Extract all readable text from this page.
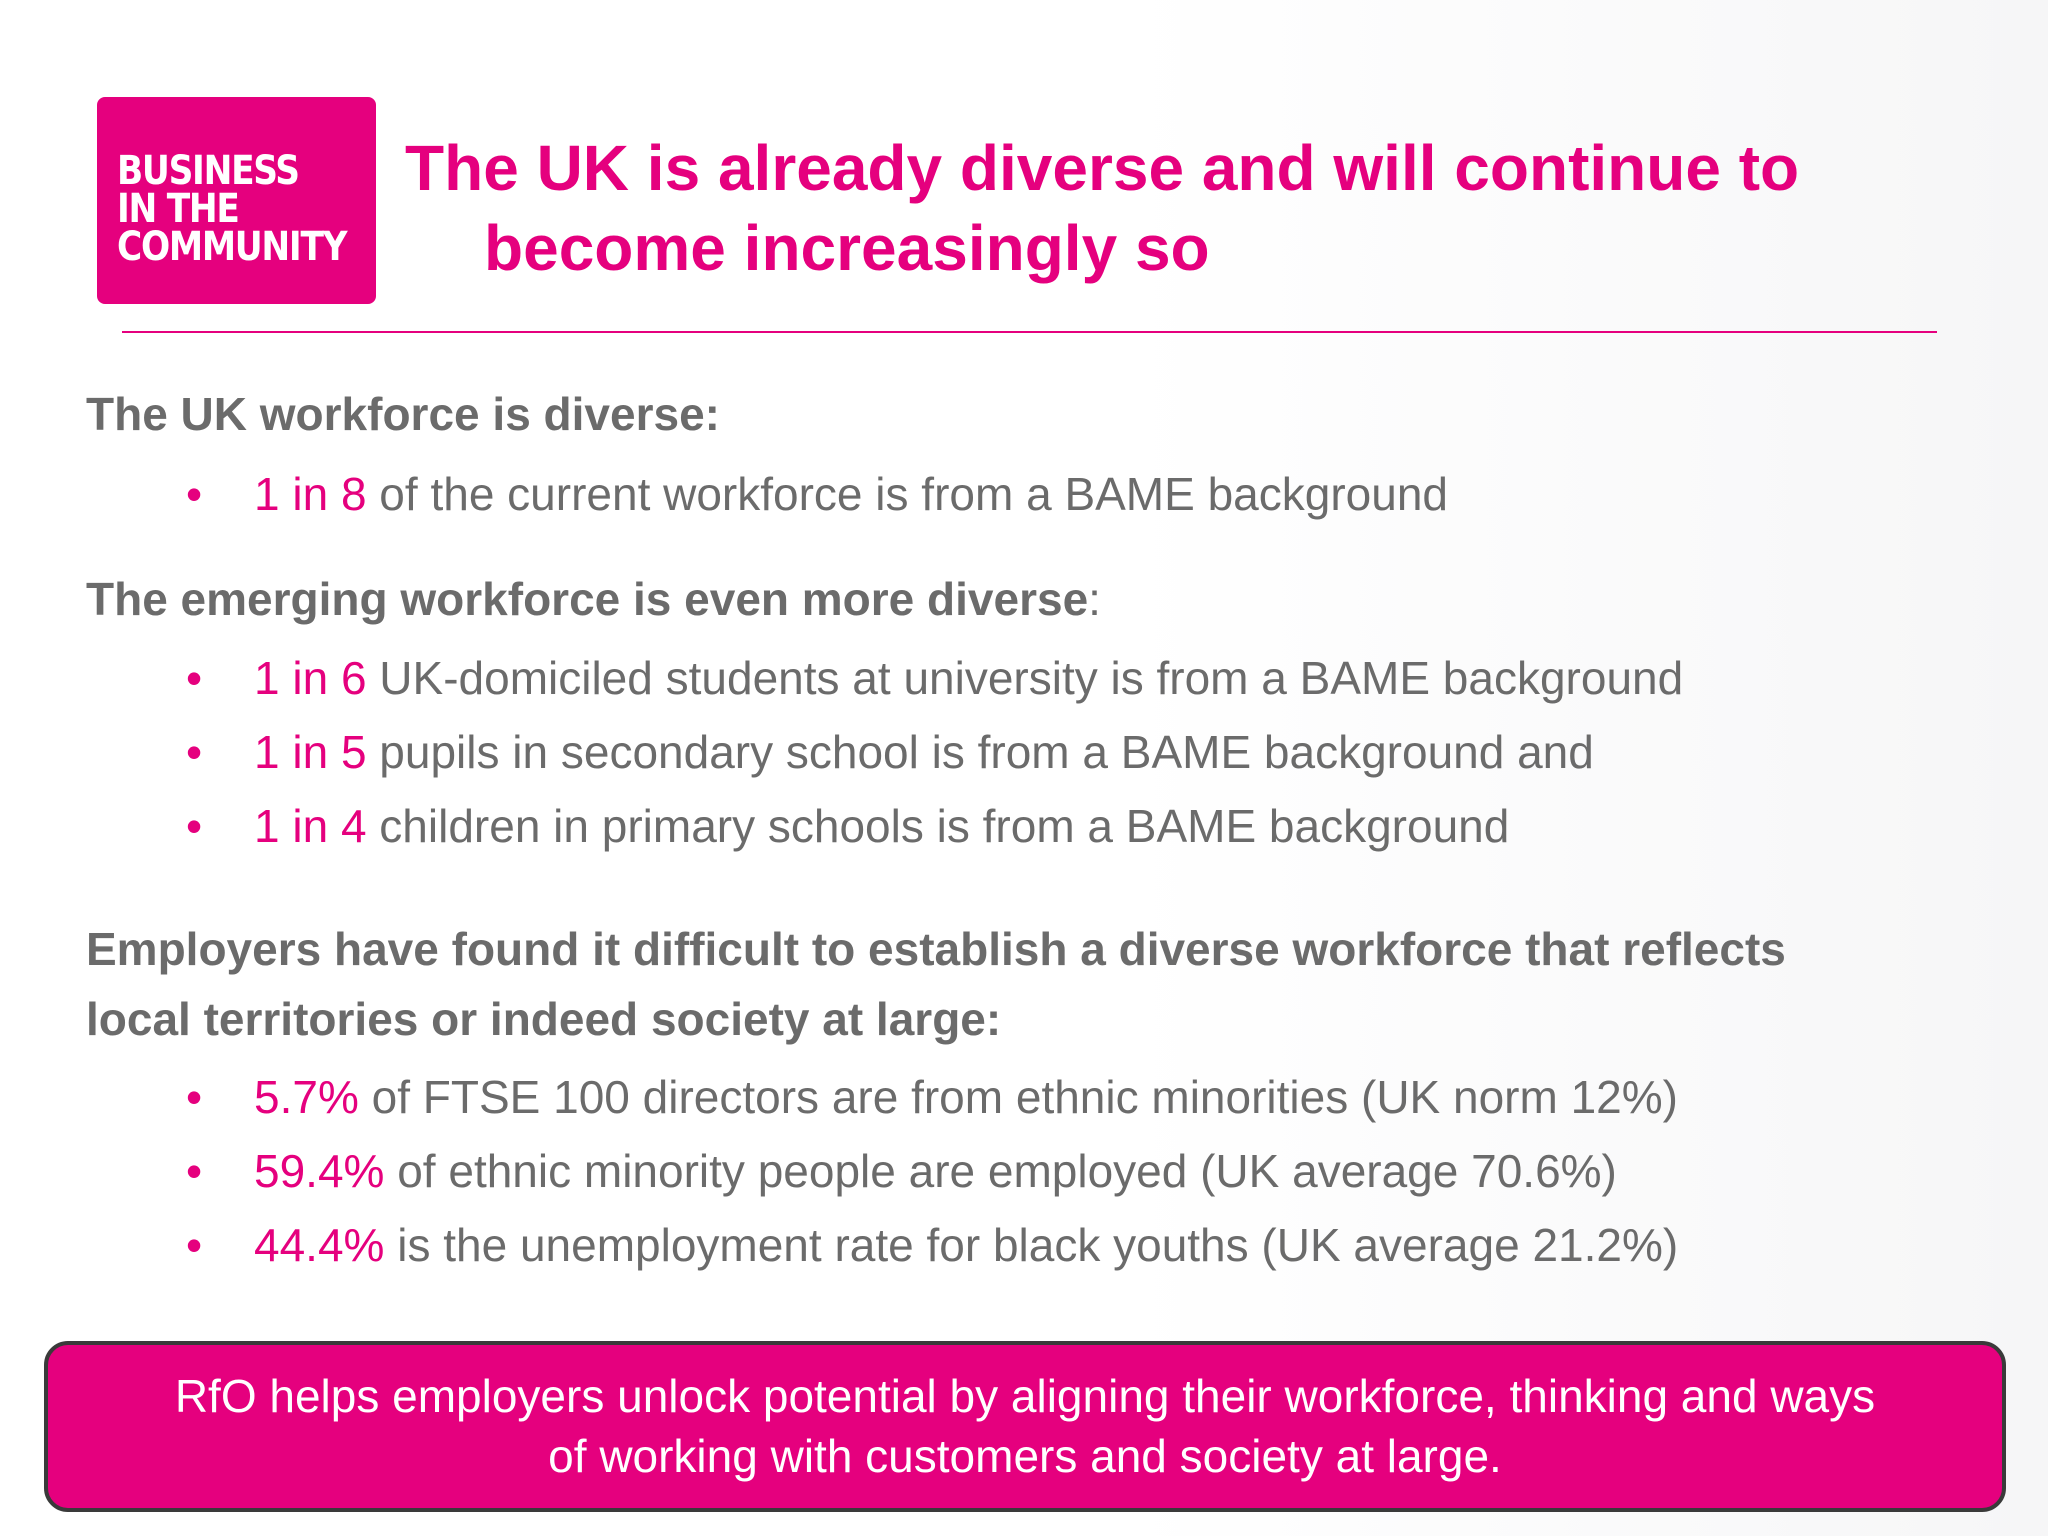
BUSINESS
IN THE
COMMUNITY
The UK is already diverse and will continue to
become increasingly so
The UK workforce is diverse:
• 1 in 8 of the current workforce is from a BAME background
The emerging workforce is even more diverse:
• 1 in 6 UK-domiciled students at university is from a BAME background
• 1 in 5 pupils in secondary school is from a BAME background and
• 1 in 4 children in primary schools is from a BAME background
Employers have found it difficult to establish a diverse workforce that reflects
local territories or indeed society at large:
• 5.7% of FTSE 100 directors are from ethnic minorities (UK norm 12%)
• 59.4% of ethnic minority people are employed (UK average 70.6%)
• 44.4% is the unemployment rate for black youths (UK average 21.2%)
RfO helps employers unlock potential by aligning their workforce, thinking and ways
of working with customers and society at large.
